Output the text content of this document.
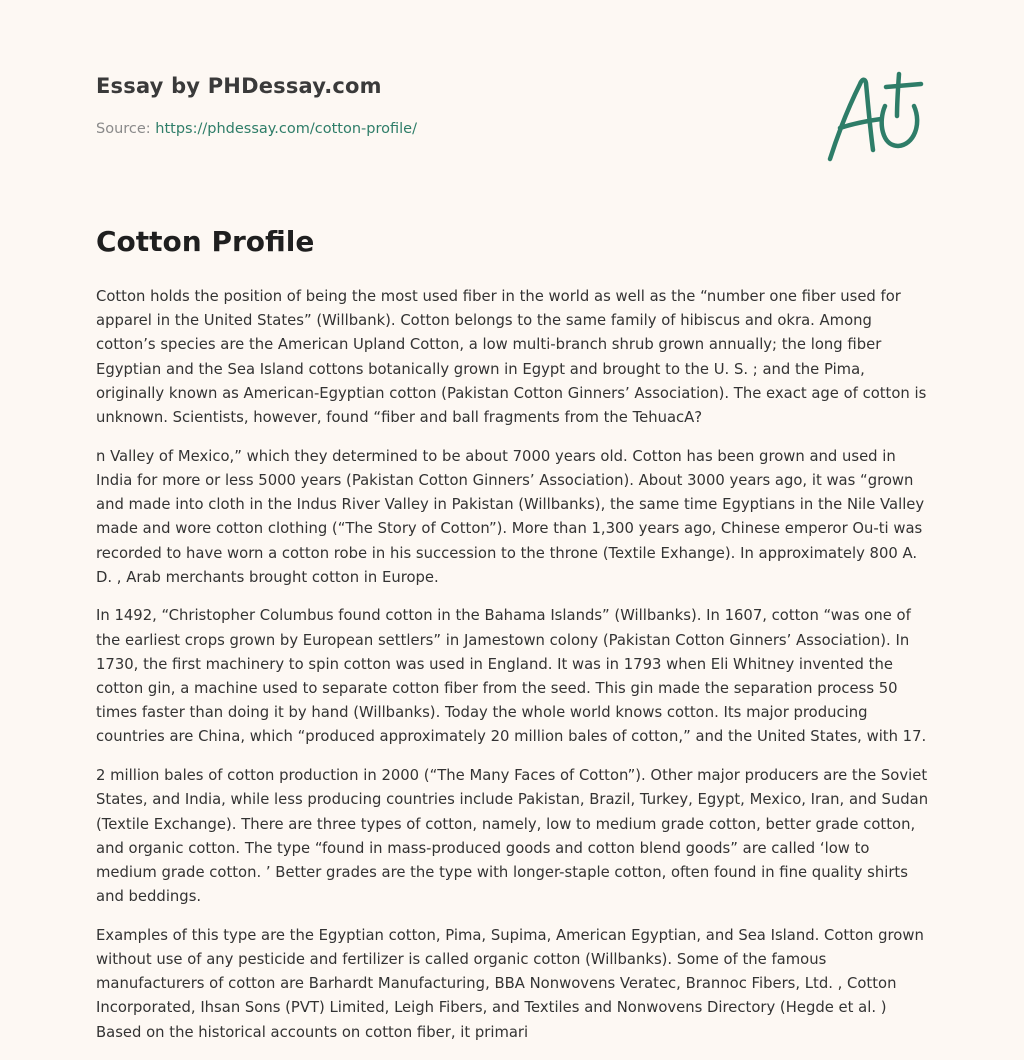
Essay by PHDessay.com
Source: https://phdessay.com/cotton-profile/
Cotton Profile

Cotton holds the position of being the most used fiber in the world as well as the “number one fiber used for apparel in the United States” (Willbank). Cotton belongs to the same family of hibiscus and okra. Among cotton’s species are the American Upland Cotton, a low multi-branch shrub grown annually; the long fiber Egyptian and the Sea Island cottons botanically grown in Egypt and brought to the U. S. ; and the Pima, originally known as American-Egyptian cotton (Pakistan Cotton Ginners’ Association). The exact age of cotton is unknown. Scientists, however, found “fiber and ball fragments from the TehuacA?

n Valley of Mexico,” which they determined to be about 7000 years old. Cotton has been grown and used in India for more or less 5000 years (Pakistan Cotton Ginners’ Association). About 3000 years ago, it was “grown and made into cloth in the Indus River Valley in Pakistan (Willbanks), the same time Egyptians in the Nile Valley made and wore cotton clothing (“The Story of Cotton”). More than 1,300 years ago, Chinese emperor Ou-ti was recorded to have worn a cotton robe in his succession to the throne (Textile Exhange). In approximately 800 A. D. , Arab merchants brought cotton in Europe.

In 1492, “Christopher Columbus found cotton in the Bahama Islands” (Willbanks). In 1607, cotton “was one of the earliest crops grown by European settlers” in Jamestown colony (Pakistan Cotton Ginners’ Association). In 1730, the first machinery to spin cotton was used in England. It was in 1793 when Eli Whitney invented the cotton gin, a machine used to separate cotton fiber from the seed. This gin made the separation process 50 times faster than doing it by hand (Willbanks). Today the whole world knows cotton. Its major producing countries are China, which “produced approximately 20 million bales of cotton,” and the United States, with 17.

2 million bales of cotton production in 2000 (“The Many Faces of Cotton”). Other major producers are the Soviet States, and India, while less producing countries include Pakistan, Brazil, Turkey, Egypt, Mexico, Iran, and Sudan (Textile Exchange). There are three types of cotton, namely, low to medium grade cotton, better grade cotton, and organic cotton. The type “found in mass-produced goods and cotton blend goods” are called ‘low to medium grade cotton. ’ Better grades are the type with longer-staple cotton, often found in fine quality shirts and beddings.

Examples of this type are the Egyptian cotton, Pima, Supima, American Egyptian, and Sea Island. Cotton grown without use of any pesticide and fertilizer is called organic cotton (Willbanks). Some of the famous manufacturers of cotton are Barhardt Manufacturing, BBA Nonwovens Veratec, Brannoc Fibers, Ltd. , Cotton Incorporated, Ihsan Sons (PVT) Limited, Leigh Fibers, and Textiles and Nonwovens Directory (Hegde et al. ) Based on the historical accounts on cotton fiber, it primari
